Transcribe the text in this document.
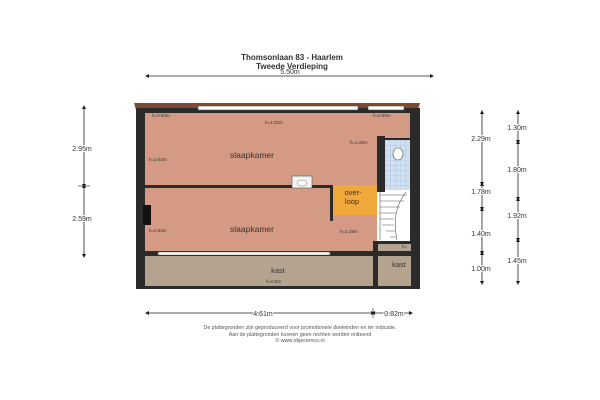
Thomsonlaan 83 - Haarlem
Tweede Verdieping
5.50m
h=0.50m
h=2.22m
h=0.50m
h=2.25m
h=2.63m
h=2.63m	h=2.29m
h=0.6m
h=
0.6m
slaapkamer
slaapkamer
over-
loop
kast
kast
2.95m
2.59m
2.29m
1.78m
1.40m
1.00m
1.30m
1.80m
1.92m
1.45m
4.61m	0.82m
De plattegronden zijn geproduceerd voor promotionele doeleinden en ter indicatie.
Aan de plattegronden kunnen geen rechten worden ontleend
© www.objectenco.nl
